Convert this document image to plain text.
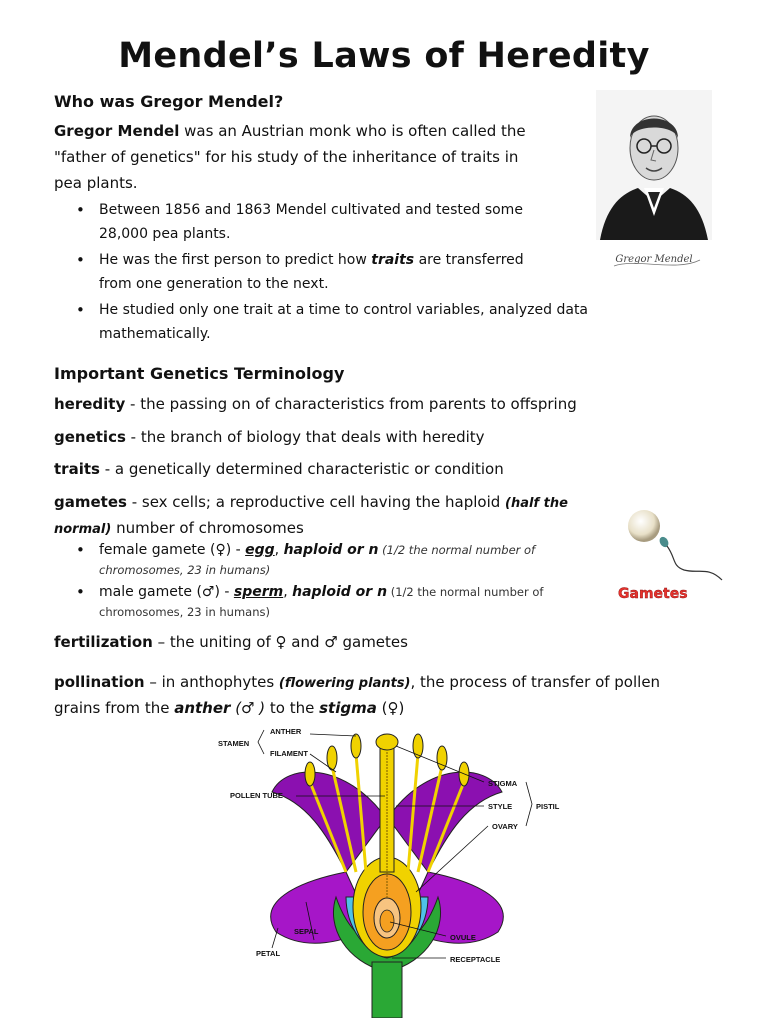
Mendel’s Laws of Heredity
Who was Gregor Mendel?
Gregor Mendel was an Austrian monk who is often called the
"father of genetics" for his study of the inheritance of traits in
pea plants.
• Between 1856 and 1863 Mendel cultivated and tested some
28,000 pea plants.
• He was the first person to predict how traits are transferred
from one generation to the next.
• He studied only one trait at a time to control variables, analyzed data
mathematically.
Gregor Mendel
Important Genetics Terminology
heredity - the passing on of characteristics from parents to offspring
genetics - the branch of biology that deals with heredity
traits - a genetically determined characteristic or condition
gametes - sex cells; a reproductive cell having the haploid (half the
normal) number of chromosomes
• female gamete (♀) - egg, haploid or n (1/2 the normal number of
chromosomes, 23 in humans)
• male gamete (♂) - sperm, haploid or n (1/2 the normal number of
chromosomes, 23 in humans)
Gametes
fertilization – the uniting of ♀ and ♂ gametes
pollination – in anthophytes (flowering plants), the process of transfer of pollen
grains from the anther (♂ ) to the stigma (♀)
STAMEN
ANTHER
FILAMENT
POLLEN TUBE
STIGMA
STYLE	PISTIL
OVARY
SEPAL
PETAL
OVULE
RECEPTACLE
